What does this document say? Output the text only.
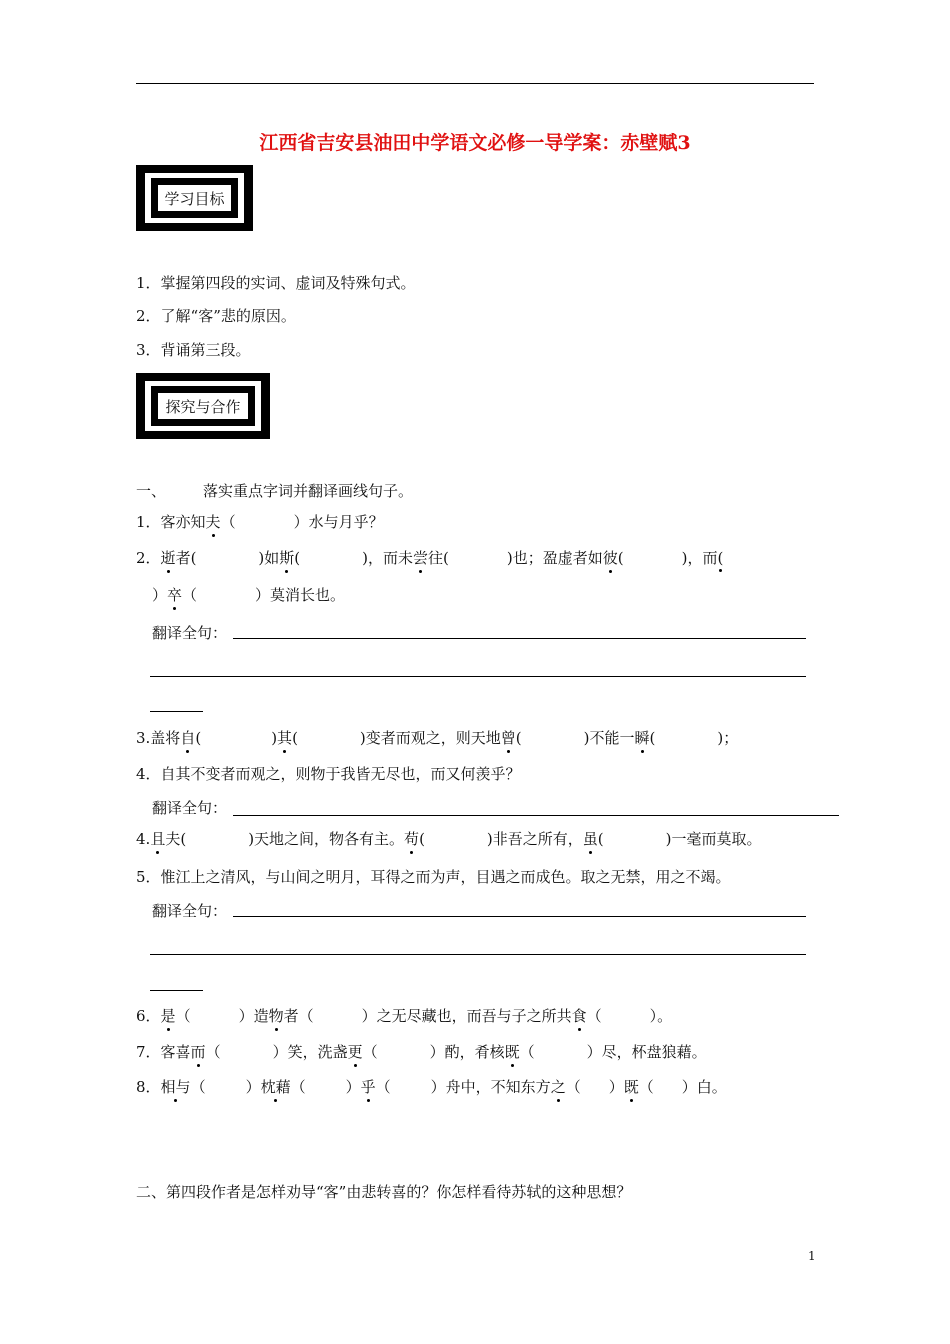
江西省吉安县油田中学语文必修一导学案：赤壁赋3
学习目标
1．掌握第四段的实词、虚词及特殊句式。
2．了解“客”悲的原因。
3．背诵第三段。
探究与合作
一、 落实重点字词并翻译画线句子。
1．客亦知夫（	）水与月乎？
2．逝者(	)如斯(	)，而未尝往(	)也；盈虚者如彼(	)，而(
）卒（	）莫消长也。
翻译全句：
3.盖将自(	)其(	)变者而观之，则天地曾(	)不能一瞬(	)；
4．自其不变者而观之，则物于我皆无尽也，而又何羡乎？
翻译全句：
4.且夫(	)天地之间，物各有主。苟(	)非吾之所有，虽(	)一毫而莫取。
5．惟江上之清风，与山间之明月，耳得之而为声，目遇之而成色。取之无禁，用之不竭。
翻译全句：
6．是（	）造物者（	）之无尽藏也，而吾与子之所共食（	）。
7．客喜而（	）笑，洗盏更（	）酌，肴核既（	）尽，杯盘狼藉。
8．相与（	）枕藉（	）乎（	）舟中，不知东方之（ ）既（ ）白。
二、第四段作者是怎样劝导“客”由悲转喜的？你怎样看待苏轼的这种思想？
1
